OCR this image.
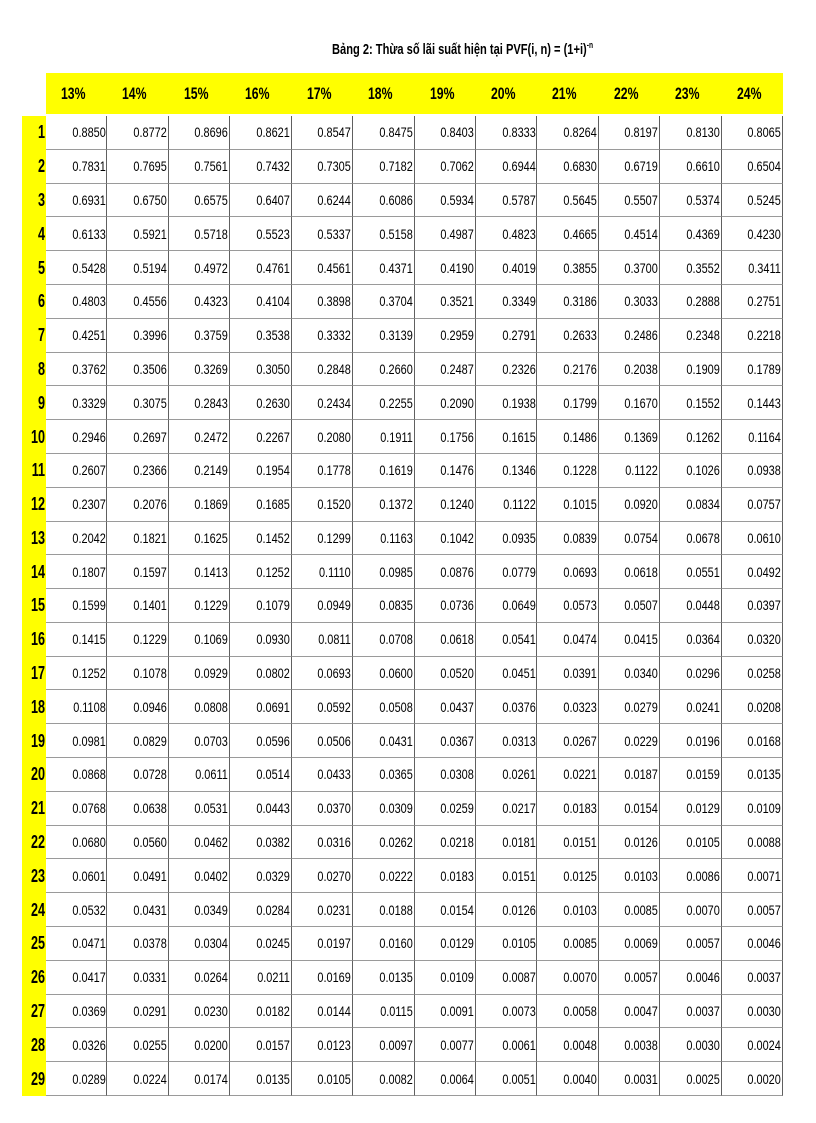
Bảng 2: Thừa số lãi suất hiện tại PVF(i, $n) = (1+i)^{-n}$
13% 14% 15% 16% 17% 18% 19% 20% 21% 22% 23% 24%
1 0.8850 0.8772 0.8696 0.8621 0.8547 0.8475 0.8403 0.8333 0.8264 0.8197 0.8130 0.8065
2 0.7831 0.7695 0.7561 0.7432 0.7305 0.7182 0.7062 0.6944 0.6830 0.6719 0.6610 0.6504
3 0.6931 0.6750 0.6575 0.6407 0.6244 0.6086 0.5934 0.5787 0.5645 0.5507 0.5374 0.5245
4 0.6133 0.5921 0.5718 0.5523 0.5337 0.5158 0.4987 0.4823 0.4665 0.4514 0.4369 0.4230
5 0.5428 0.5194 0.4972 0.4761 0.4561 0.4371 0.4190 0.4019 0.3855 0.3700 0.3552 0.3411
6 0.4803 0.4556 0.4323 0.4104 0.3898 0.3704 0.3521 0.3349 0.3186 0.3033 0.2888 0.2751
7 0.4251 0.3996 0.3759 0.3538 0.3332 0.3139 0.2959 0.2791 0.2633 0.2486 0.2348 0.2218
8 0.3762 0.3506 0.3269 0.3050 0.2848 0.2660 0.2487 0.2326 0.2176 0.2038 0.1909 0.1789
9 0.3329 0.3075 0.2843 0.2630 0.2434 0.2255 0.2090 0.1938 0.1799 0.1670 0.1552 0.1443
10 0.2946 0.2697 0.2472 0.2267 0.2080 0.1911 0.1756 0.1615 0.1486 0.1369 0.1262 0.1164
11 0.2607 0.2366 0.2149 0.1954 0.1778 0.1619 0.1476 0.1346 0.1228 0.1122 0.1026 0.0938
12 0.2307 0.2076 0.1869 0.1685 0.1520 0.1372 0.1240 0.1122 0.1015 0.0920 0.0834 0.0757
13 0.2042 0.1821 0.1625 0.1452 0.1299 0.1163 0.1042 0.0935 0.0839 0.0754 0.0678 0.0610
14 0.1807 0.1597 0.1413 0.1252 0.1110 0.0985 0.0876 0.0779 0.0693 0.0618 0.0551 0.0492
15 0.1599 0.1401 0.1229 0.1079 0.0949 0.0835 0.0736 0.0649 0.0573 0.0507 0.0448 0.0397
16 0.1415 0.1229 0.1069 0.0930 0.0811 0.0708 0.0618 0.0541 0.0474 0.0415 0.0364 0.0320
17 0.1252 0.1078 0.0929 0.0802 0.0693 0.0600 0.0520 0.0451 0.0391 0.0340 0.0296 0.0258
18 0.1108 0.0946 0.0808 0.0691 0.0592 0.0508 0.0437 0.0376 0.0323 0.0279 0.0241 0.0208
19 0.0981 0.0829 0.0703 0.0596 0.0506 0.0431 0.0367 0.0313 0.0267 0.0229 0.0196 0.0168
20 0.0868 0.0728 0.0611 0.0514 0.0433 0.0365 0.0308 0.0261 0.0221 0.0187 0.0159 0.0135
21 0.0768 0.0638 0.0531 0.0443 0.0370 0.0309 0.0259 0.0217 0.0183 0.0154 0.0129 0.0109
22 0.0680 0.0560 0.0462 0.0382 0.0316 0.0262 0.0218 0.0181 0.0151 0.0126 0.0105 0.0088
23 0.0601 0.0491 0.0402 0.0329 0.0270 0.0222 0.0183 0.0151 0.0125 0.0103 0.0086 0.0071
24 0.0532 0.0431 0.0349 0.0284 0.0231 0.0188 0.0154 0.0126 0.0103 0.0085 0.0070 0.0057
25 0.0471 0.0378 0.0304 0.0245 0.0197 0.0160 0.0129 0.0105 0.0085 0.0069 0.0057 0.0046
26 0.0417 0.0331 0.0264 0.0211 0.0169 0.0135 0.0109 0.0087 0.0070 0.0057 0.0046 0.0037
27 0.0369 0.0291 0.0230 0.0182 0.0144 0.0115 0.0091 0.0073 0.0058 0.0047 0.0037 0.0030
28 0.0326 0.0255 0.0200 0.0157 0.0123 0.0097 0.0077 0.0061 0.0048 0.0038 0.0030 0.0024
29 0.0289 0.0224 0.0174 0.0135 0.0105 0.0082 0.0064 0.0051 0.0040 0.0031 0.0025 0.0020
